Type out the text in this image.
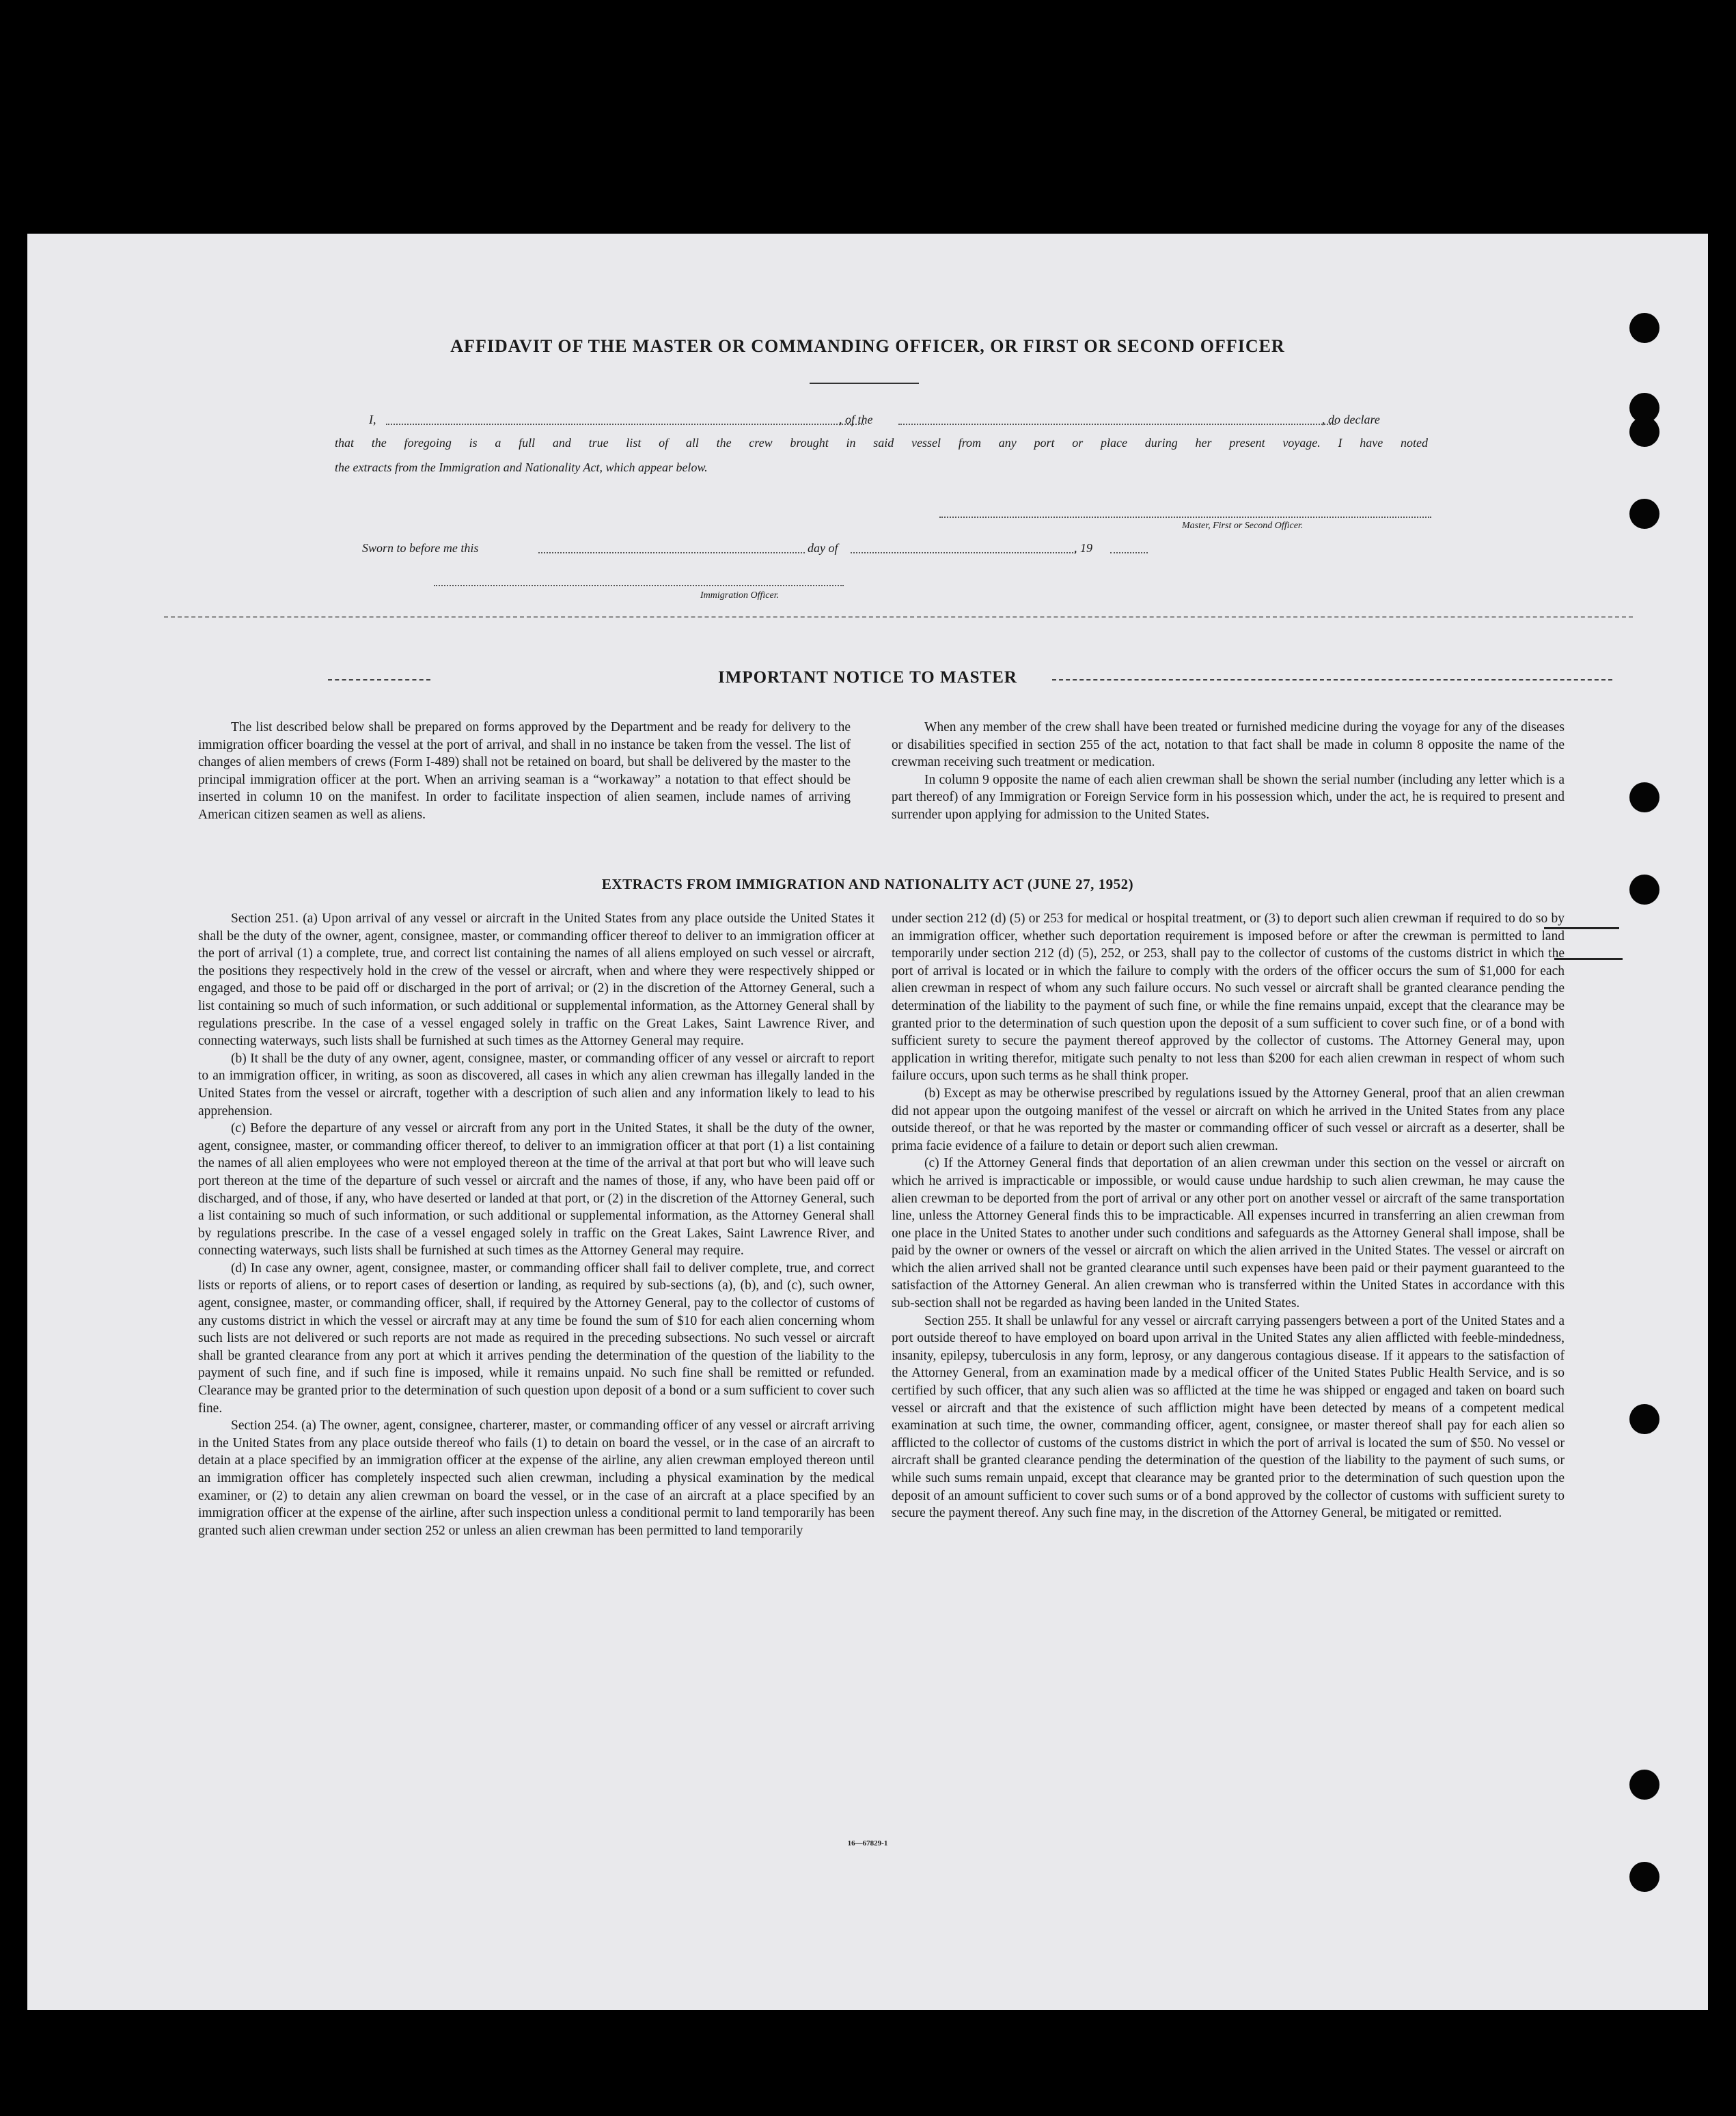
AFFIDAVIT OF THE MASTER OR COMMANDING OFFICER, OR FIRST OR SECOND OFFICER
I,	, of the	, do declare
that the foregoing is a full and true list of all the crew brought in said vessel from any port or place during her present voyage. I have noted
the extracts from the Immigration and Nationality Act, which appear below.
Master, First or Second Officer.
Sworn to before me this	day of	, 19
Immigration Officer.
IMPORTANT NOTICE TO MASTER

The list described below shall be prepared on forms approved by the Department and be ready for delivery to the immigration officer boarding the vessel at the port of arrival, and shall in no instance be taken from the vessel. The list of changes of alien members of crews (Form I-489) shall not be retained on board, but shall be delivered by the master to the principal immigration officer at the port. When an arriving seaman is a “workaway” a notation to that effect should be inserted in column 10 on the manifest. In order to facilitate inspection of alien seamen, include names of arriving American citizen seamen as well as aliens.

When any member of the crew shall have been treated or furnished medicine during the voyage for any of the diseases or disabilities specified in section 255 of the act, notation to that fact shall be made in column 8 opposite the name of the crewman receiving such treatment or medication.

In column 9 opposite the name of each alien crewman shall be shown the serial number (including any letter which is a part thereof) of any Immigration or Foreign Service form in his possession which, under the act, he is required to present and surrender upon applying for admission to the United States.

EXTRACTS FROM IMMIGRATION AND NATIONALITY ACT (JUNE 27, 1952)

Section 251. (a) Upon arrival of any vessel or aircraft in the United States from any place outside the United States it shall be the duty of the owner, agent, consignee, master, or commanding officer thereof to deliver to an immigration officer at the port of arrival (1) a complete, true, and correct list containing the names of all aliens employed on such vessel or aircraft, the positions they respectively hold in the crew of the vessel or aircraft, when and where they were respectively shipped or engaged, and those to be paid off or discharged in the port of arrival; or (2) in the discretion of the Attorney General, such a list containing so much of such information, or such additional or supplemental information, as the Attorney General shall by regulations prescribe. In the case of a vessel engaged solely in traffic on the Great Lakes, Saint Lawrence River, and connecting waterways, such lists shall be furnished at such times as the Attorney General may require.

(b) It shall be the duty of any owner, agent, consignee, master, or commanding officer of any vessel or aircraft to report to an immigration officer, in writing, as soon as discovered, all cases in which any alien crewman has illegally landed in the United States from the vessel or aircraft, together with a description of such alien and any information likely to lead to his apprehension.

(c) Before the departure of any vessel or aircraft from any port in the United States, it shall be the duty of the owner, agent, consignee, master, or commanding officer thereof, to deliver to an immigration officer at that port (1) a list containing the names of all alien employees who were not employed thereon at the time of the arrival at that port but who will leave such port thereon at the time of the departure of such vessel or aircraft and the names of those, if any, who have been paid off or discharged, and of those, if any, who have deserted or landed at that port, or (2) in the discretion of the Attorney General, such a list containing so much of such information, or such additional or supplemental information, as the Attorney General shall by regulations prescribe. In the case of a vessel engaged solely in traffic on the Great Lakes, Saint Lawrence River, and connecting waterways, such lists shall be furnished at such times as the Attorney General may require.

(d) In case any owner, agent, consignee, master, or commanding officer shall fail to deliver complete, true, and correct lists or reports of aliens, or to report cases of desertion or landing, as required by sub-sections (a), (b), and (c), such owner, agent, consignee, master, or commanding officer, shall, if required by the Attorney General, pay to the collector of customs of any customs district in which the vessel or aircraft may at any time be found the sum of $10 for each alien concerning whom such lists are not delivered or such reports are not made as required in the preceding subsections. No such vessel or aircraft shall be granted clearance from any port at which it arrives pending the determination of the question of the liability to the payment of such fine, and if such fine is imposed, while it remains unpaid. No such fine shall be remitted or refunded. Clearance may be granted prior to the determination of such question upon deposit of a bond or a sum sufficient to cover such fine.

Section 254. (a) The owner, agent, consignee, charterer, master, or commanding officer of any vessel or aircraft arriving in the United States from any place outside thereof who fails (1) to detain on board the vessel, or in the case of an aircraft to detain at a place specified by an immigration officer at the expense of the airline, any alien crewman employed thereon until an immigration officer has completely inspected such alien crewman, including a physical examination by the medical examiner, or (2) to detain any alien crewman on board the vessel, or in the case of an aircraft at a place specified by an immigration officer at the expense of the airline, after such inspection unless a conditional permit to land temporarily has been granted such alien crewman under section 252 or unless an alien crewman has been permitted to land temporarily

under section 212 (d) (5) or 253 for medical or hospital treatment, or (3) to deport such alien crewman if required to do so by an immigration officer, whether such deportation requirement is imposed before or after the crewman is permitted to land temporarily under section 212 (d) (5), 252, or 253, shall pay to the collector of customs of the customs district in which the port of arrival is located or in which the failure to comply with the orders of the officer occurs the sum of $1,000 for each alien crewman in respect of whom any such failure occurs. No such vessel or aircraft shall be granted clearance pending the determination of the liability to the payment of such fine, or while the fine remains unpaid, except that the clearance may be granted prior to the determination of such question upon the deposit of a sum sufficient to cover such fine, or of a bond with sufficient surety to secure the payment thereof approved by the collector of customs. The Attorney General may, upon application in writing therefor, mitigate such penalty to not less than $200 for each alien crewman in respect of whom such failure occurs, upon such terms as he shall think proper.

(b) Except as may be otherwise prescribed by regulations issued by the Attorney General, proof that an alien crewman did not appear upon the outgoing manifest of the vessel or aircraft on which he arrived in the United States from any place outside thereof, or that he was reported by the master or commanding officer of such vessel or aircraft as a deserter, shall be prima facie evidence of a failure to detain or deport such alien crewman.

(c) If the Attorney General finds that deportation of an alien crewman under this section on the vessel or aircraft on which he arrived is impracticable or impossible, or would cause undue hardship to such alien crewman, he may cause the alien crewman to be deported from the port of arrival or any other port on another vessel or aircraft of the same transportation line, unless the Attorney General finds this to be impracticable. All expenses incurred in transferring an alien crewman from one place in the United States to another under such conditions and safeguards as the Attorney General shall impose, shall be paid by the owner or owners of the vessel or aircraft on which the alien arrived in the United States. The vessel or aircraft on which the alien arrived shall not be granted clearance until such expenses have been paid or their payment guaranteed to the satisfaction of the Attorney General. An alien crewman who is transferred within the United States in accordance with this sub-section shall not be regarded as having been landed in the United States.

Section 255. It shall be unlawful for any vessel or aircraft carrying passengers between a port of the United States and a port outside thereof to have employed on board upon arrival in the United States any alien afflicted with feeble-mindedness, insanity, epilepsy, tuberculosis in any form, leprosy, or any dangerous contagious disease. If it appears to the satisfaction of the Attorney General, from an examination made by a medical officer of the United States Public Health Service, and is so certified by such officer, that any such alien was so afflicted at the time he was shipped or engaged and taken on board such vessel or aircraft and that the existence of such affliction might have been detected by means of a competent medical examination at such time, the owner, commanding officer, agent, consignee, or master thereof shall pay for each alien so afflicted to the collector of customs of the customs district in which the port of arrival is located the sum of $50. No vessel or aircraft shall be granted clearance pending the determination of the question of the liability to the payment of such sums, or while such sums remain unpaid, except that clearance may be granted prior to the determination of such question upon the deposit of an amount sufficient to cover such sums or of a bond approved by the collector of customs with sufficient surety to secure the payment thereof. Any such fine may, in the discretion of the Attorney General, be mitigated or remitted.

16—67829-1
